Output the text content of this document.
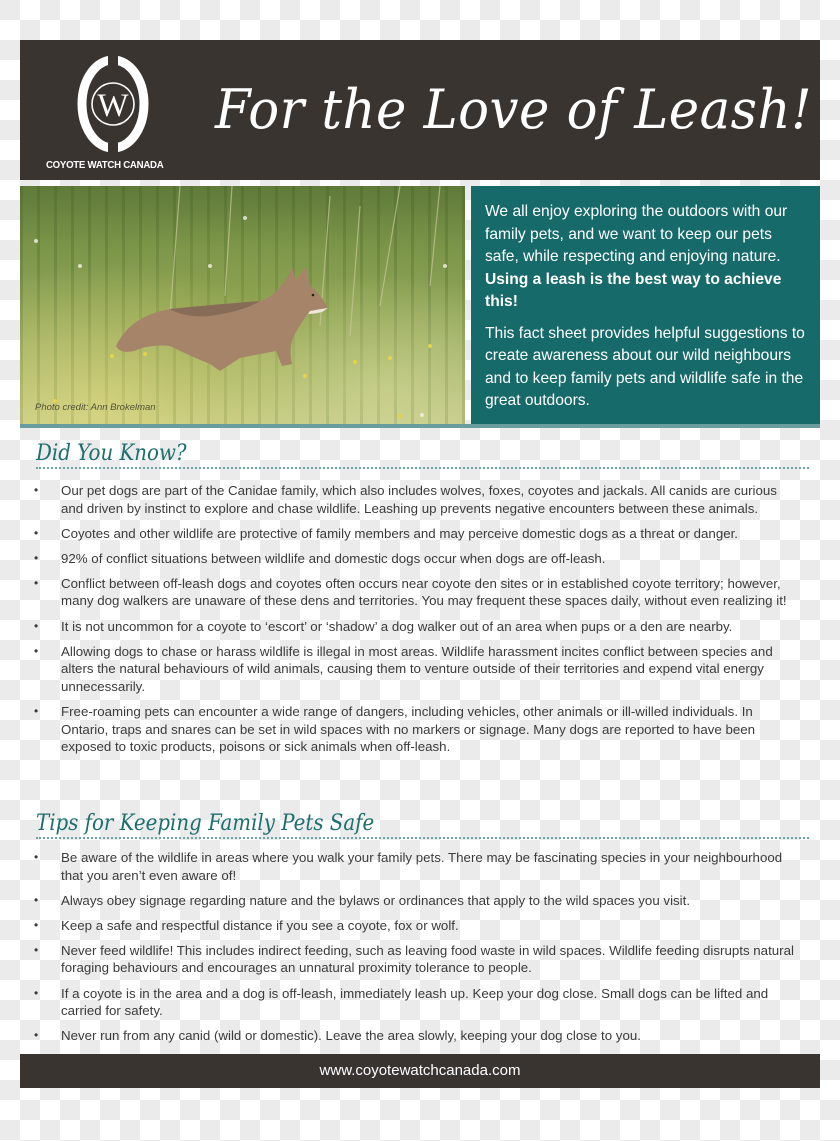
W
COYOTE WATCH CANADA
For the Love of Leash!
Photo credit: Ann Brokelman

We all enjoy exploring the outdoors with our family pets, and we want to keep our pets safe, while respecting and enjoying nature. Using a leash is the best way to achieve this!

This fact sheet provides helpful suggestions to create awareness about our wild neighbours and to keep family pets and wildlife safe in the great outdoors.

Did You Know?
• Our pet dogs are part of the Canidae family, which also includes wolves, foxes, coyotes and jackals. All canids are curious and driven by instinct to explore and chase wildlife. Leashing up prevents negative encounters between these animals.
• Coyotes and other wildlife are protective of family members and may perceive domestic dogs as a threat or danger.
• 92% of conflict situations between wildlife and domestic dogs occur when dogs are off-leash.
• Conflict between off-leash dogs and coyotes often occurs near coyote den sites or in established coyote territory; however, many dog walkers are unaware of these dens and territories. You may frequent these spaces daily, without even realizing it!
• It is not uncommon for a coyote to ‘escort’ or ‘shadow’ a dog walker out of an area when pups or a den are nearby.
• Allowing dogs to chase or harass wildlife is illegal in most areas. Wildlife harassment incites conflict between species and alters the natural behaviours of wild animals, causing them to venture outside of their territories and expend vital energy unnecessarily.
• Free-roaming pets can encounter a wide range of dangers, including vehicles, other animals or ill-willed individuals. In Ontario, traps and snares can be set in wild spaces with no markers or signage. Many dogs are reported to have been exposed to toxic products, poisons or sick animals when off-leash.
Tips for Keeping Family Pets Safe
• Be aware of the wildlife in areas where you walk your family pets. There may be fascinating species in your neighbourhood that you aren’t even aware of!
• Always obey signage regarding nature and the bylaws or ordinances that apply to the wild spaces you visit.
• Keep a safe and respectful distance if you see a coyote, fox or wolf.
• Never feed wildlife! This includes indirect feeding, such as leaving food waste in wild spaces. Wildlife feeding disrupts natural foraging behaviours and encourages an unnatural proximity tolerance to people.
• If a coyote is in the area and a dog is off-leash, immediately leash up. Keep your dog close. Small dogs can be lifted and carried for safety.
• Never run from any canid (wild or domestic). Leave the area slowly, keeping your dog close to you.
www.coyotewatchcanada.com
